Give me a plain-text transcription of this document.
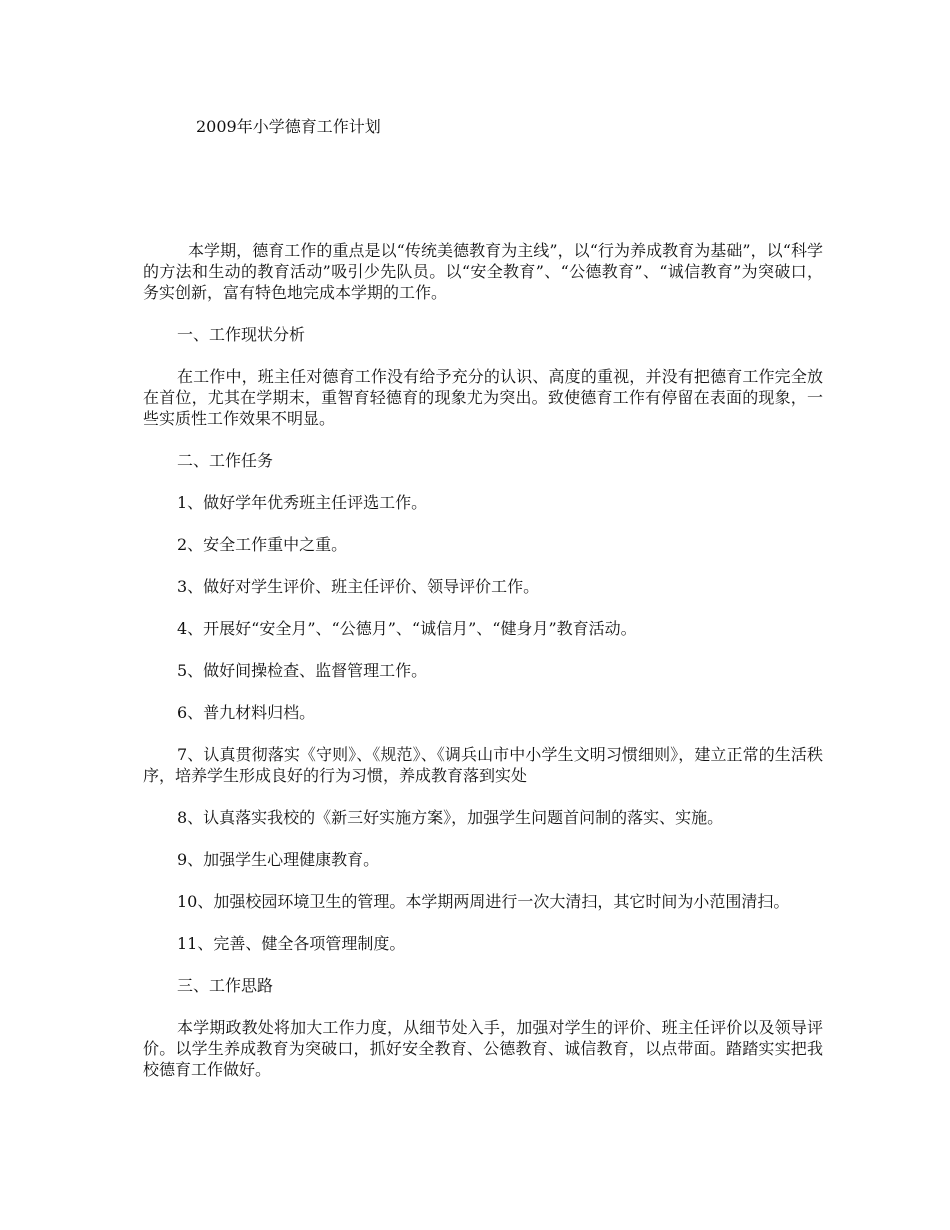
2009年小学德育工作计划

本学期，德育工作的重点是以“传统美德教育为主线”，以“行为养成教育为基础”，以“科学的方法和生动的教育活动”吸引少先队员。以“安全教育”、“公德教育”、“诚信教育”为突破口，务实创新，富有特色地完成本学期的工作。

一、工作现状分析

在工作中，班主任对德育工作没有给予充分的认识、高度的重视，并没有把德育工作完全放在首位，尤其在学期末，重智育轻德育的现象尤为突出。致使德育工作有停留在表面的现象，一些实质性工作效果不明显。

二、工作任务

1、做好学年优秀班主任评选工作。

2、安全工作重中之重。

3、做好对学生评价、班主任评价、领导评价工作。

4、开展好“安全月”、“公德月”、“诚信月”、“健身月”教育活动。

5、做好间操检查、监督管理工作。

6、普九材料归档。

7、认真贯彻落实《守则》、《规范》、《调兵山市中小学生文明习惯细则》，建立正常的生活秩序，培养学生形成良好的行为习惯，养成教育落到实处

8、认真落实我校的《新三好实施方案》，加强学生问题首问制的落实、实施。

9、加强学生心理健康教育。

10、加强校园环境卫生的管理。本学期两周进行一次大清扫，其它时间为小范围清扫。

11、完善、健全各项管理制度。

三、工作思路

本学期政教处将加大工作力度，从细节处入手，加强对学生的评价、班主任评价以及领导评价。以学生养成教育为突破口，抓好安全教育、公德教育、诚信教育，以点带面。踏踏实实把我校德育工作做好。
